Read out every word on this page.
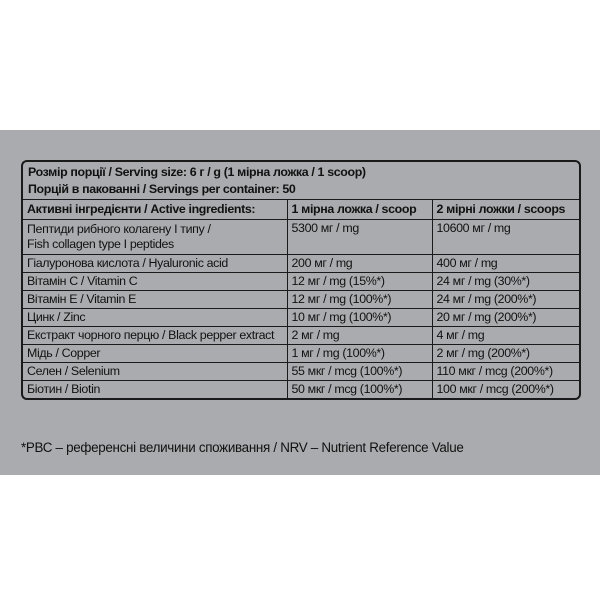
Розмір порції / Serving size: 6 г / g (1 мірна ложка / 1 scoop)
Порцій в пакованні / Servings per container: 50
Активні інгредієнти / Active ingredients:	1 мірна ложка / scoop	2 мірні ложки / scoops

Пептиди рибного колагену I типу /
Fish collagen type I peptides	5300 мг / mg	10600 мг / mg
Гіалуронова кислота / Hyaluronic acid	200 мг / mg	400 мг / mg
Вітамін С / Vitamin C	12 мг / mg (15%*)	24 мг / mg (30%*)
Вітамін E / Vitamin E	12 мг / mg (100%*)	24 мг / mg (200%*)
Цинк / Zinc	10 мг / mg (100%*)	20 мг / mg (200%*)
Екстракт чорного перцю / Black pepper extract	2 мг / mg	4 мг / mg
Мідь / Copper	1 мг / mg (100%*)	2 мг / mg (200%*)
Селен / Selenium	55 мкг / mcg (100%*)	110 мкг / mcg (200%*)
Біотин / Biotin	50 мкг / mcg (100%*)	100 мкг / mcg (200%*)
*РВС – референсні величини споживання / NRV – Nutrient Reference Value
